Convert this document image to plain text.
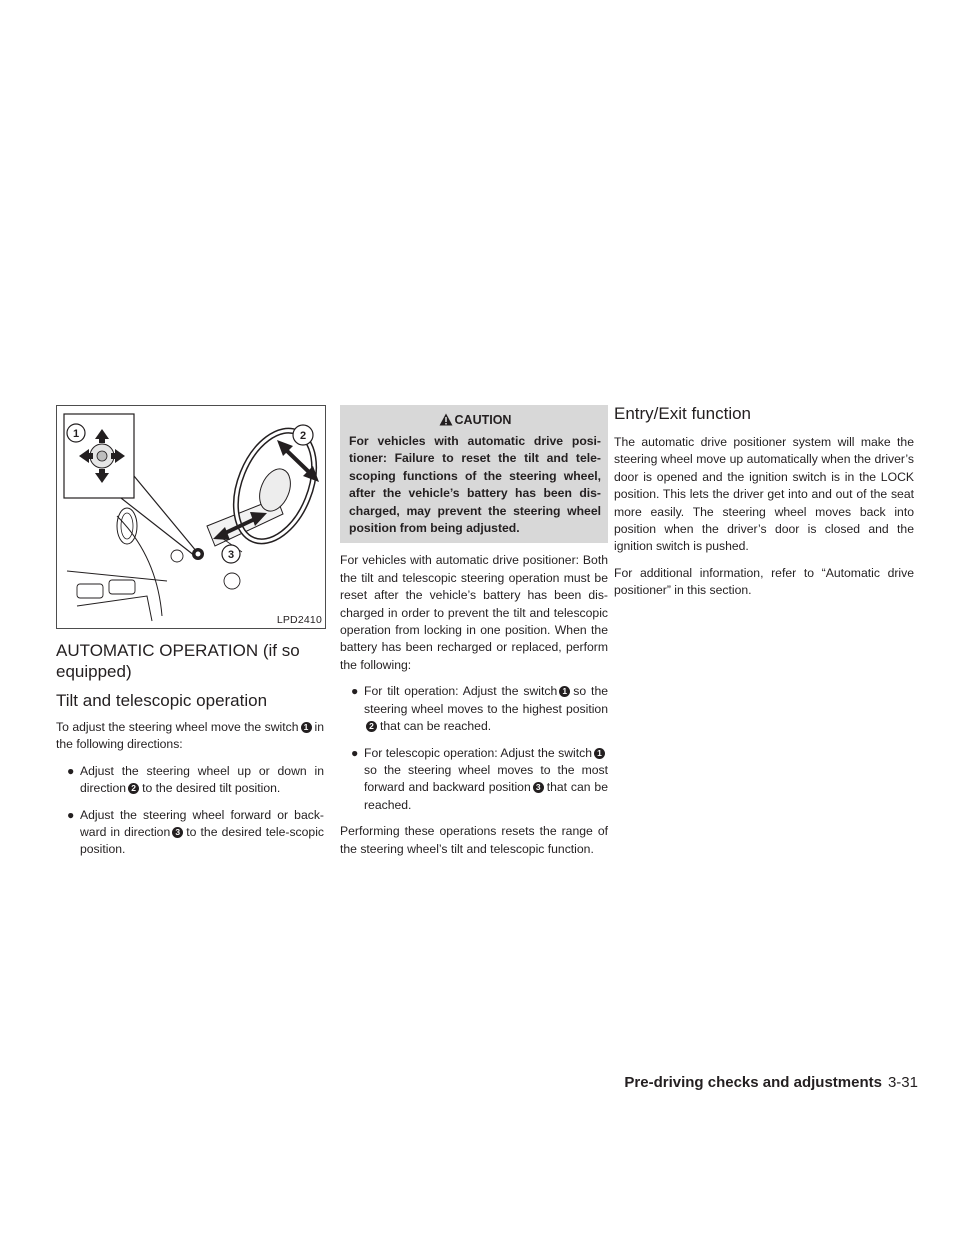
1	2
3
LPD2410
AUTOMATIC OPERATION (if so equipped)
Tilt and telescopic operation

To adjust the steering wheel move the switch 1 in the following directions:

● Adjust the steering wheel up or down in direction 2 to the desired tilt position.
● Adjust the steering wheel forward or back-ward in direction 3 to the desired tele-scopic position.
CAUTION
For vehicles with automatic drive posi-tioner: Failure to reset the tilt and tele-scoping functions of the steering wheel, after the vehicle’s battery has been dis-charged, may prevent the steering wheel position from being adjusted.

For vehicles with automatic drive positioner: Both the tilt and telescopic steering operation must be reset after the vehicle’s battery has been dis-charged in order to prevent the tilt and telescopic operation from locking in one position. When the battery has been recharged or replaced, perform the following:

● For tilt operation: Adjust the switch 1 so the steering wheel moves to the highest position2 that can be reached.
● For telescopic operation: Adjust the switch 1so the steering wheel moves to the most forward and backward position 3 that can be reached.

Performing these operations resets the range of the steering wheel’s tilt and telescopic function.

Entry/Exit function

The automatic drive positioner system will make the steering wheel move up automatically when the driver’s door is opened and the ignition switch is in the LOCK position. This lets the driver get into and out of the seat more easily. The steering wheel moves back into position when the driver’s door is closed and the ignition switch is pushed.

For additional information, refer to “Automatic drive positioner” in this section.

Pre-driving checks and adjustments 3-31
